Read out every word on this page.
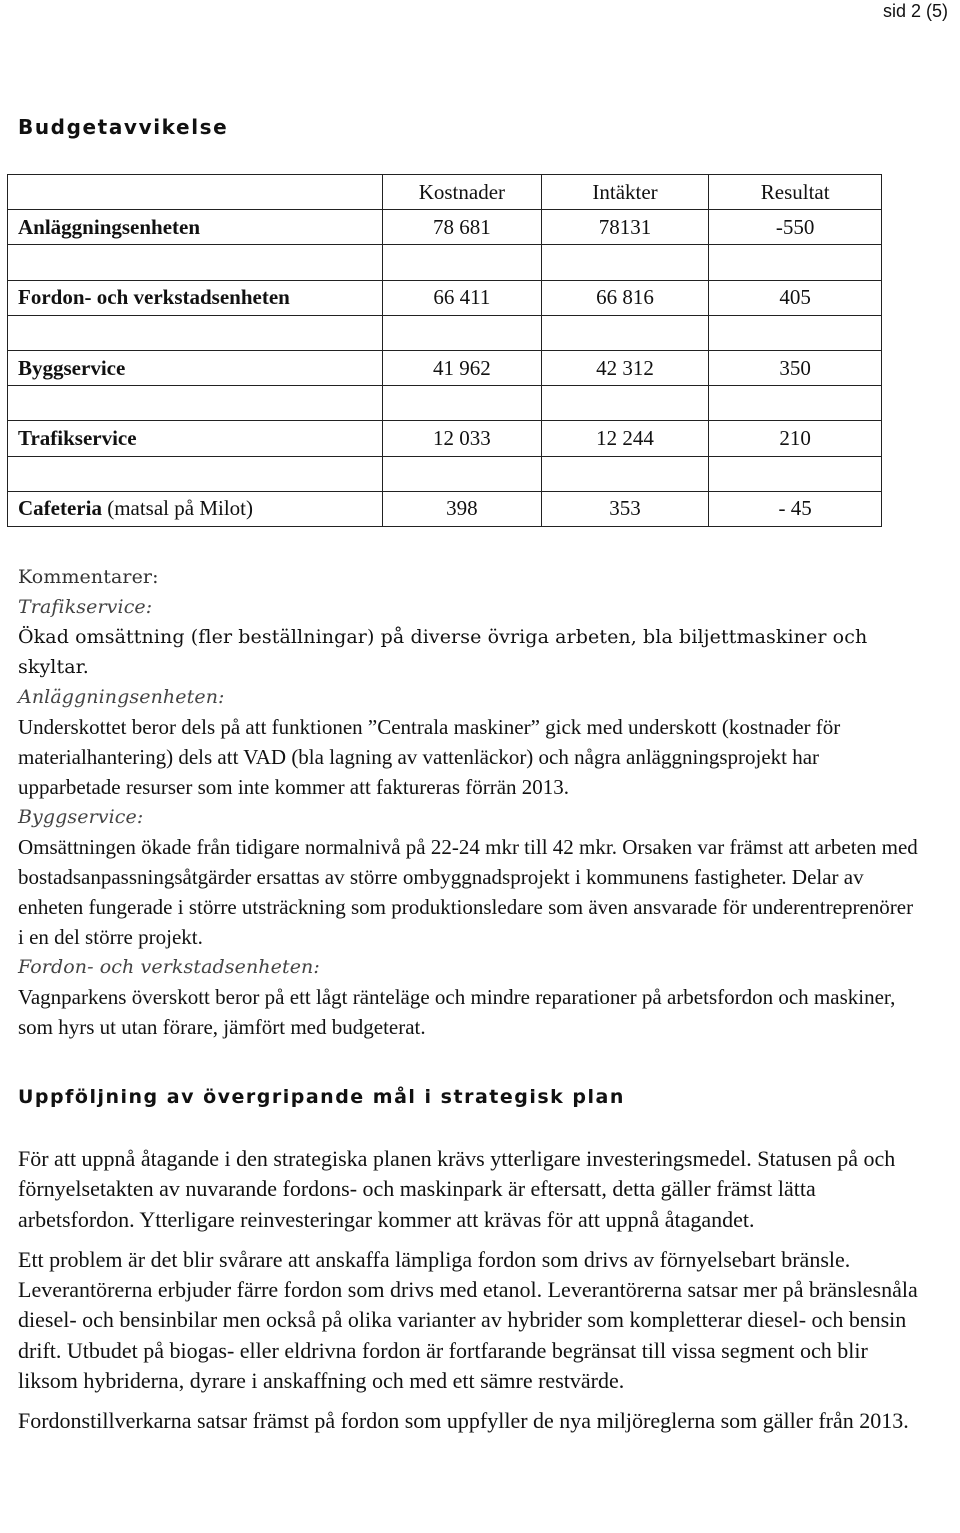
sid 2 (5)
Budgetavvikelse
	Kostnader	Intäkter	Resultat
Anläggningsenheten	78 681	78131	-550

Fordon- och verkstadsenheten	66 411	66 816	405

Byggservice	41 962	42 312	350

Trafikservice	12 033	12 244	210

Cafeteria (matsal på Milot)	398	353	- 45

Kommentarer:

Trafikservice:

Ökad omsättning (fler beställningar) på diverse övriga arbeten, bla biljettmaskiner och skyltar.

Anläggningsenheten:

Underskottet beror dels på att funktionen ”Centrala maskiner” gick med underskott (kostnader för materialhantering) dels att VAD (bla lagning av vattenläckor) och några anläggningsprojekt har upparbetade resurser som inte kommer att faktureras förrän 2013.

Byggservice:

Omsättningen ökade från tidigare normalnivå på 22-24 mkr till 42 mkr. Orsaken var främst att arbeten med bostadsanpassningsåtgärder ersattas av större ombyggnadsprojekt i kommunens fastigheter. Delar av enheten fungerade i större utsträckning som produktionsledare som även ansvarade för underentreprenörer i en del större projekt.

Fordon- och verkstadsenheten:

Vagnparkens överskott beror på ett lågt ränteläge och mindre reparationer på arbetsfordon och maskiner, som hyrs ut utan förare, jämfört med budgeterat.

Uppföljning av övergripande mål i strategisk plan

För att uppnå åtagande i den strategiska planen krävs ytterligare investeringsmedel. Statusen på och förnyelsetakten av nuvarande fordons- och maskinpark är eftersatt, detta gäller främst lätta arbetsfordon. Ytterligare reinvesteringar kommer att krävas för att uppnå åtagandet.

Ett problem är det blir svårare att anskaffa lämpliga fordon som drivs av förnyelsebart bränsle. Leverantörerna erbjuder färre fordon som drivs med etanol. Leverantörerna satsar mer på bränslesnåla diesel- och bensinbilar men också på olika varianter av hybrider som kompletterar diesel- och bensin drift. Utbudet på biogas- eller eldrivna fordon är fortfarande begränsat till vissa segment och blir liksom hybriderna, dyrare i anskaffning och med ett sämre restvärde.

Fordonstillverkarna satsar främst på fordon som uppfyller de nya miljöreglerna som gäller från 2013.
